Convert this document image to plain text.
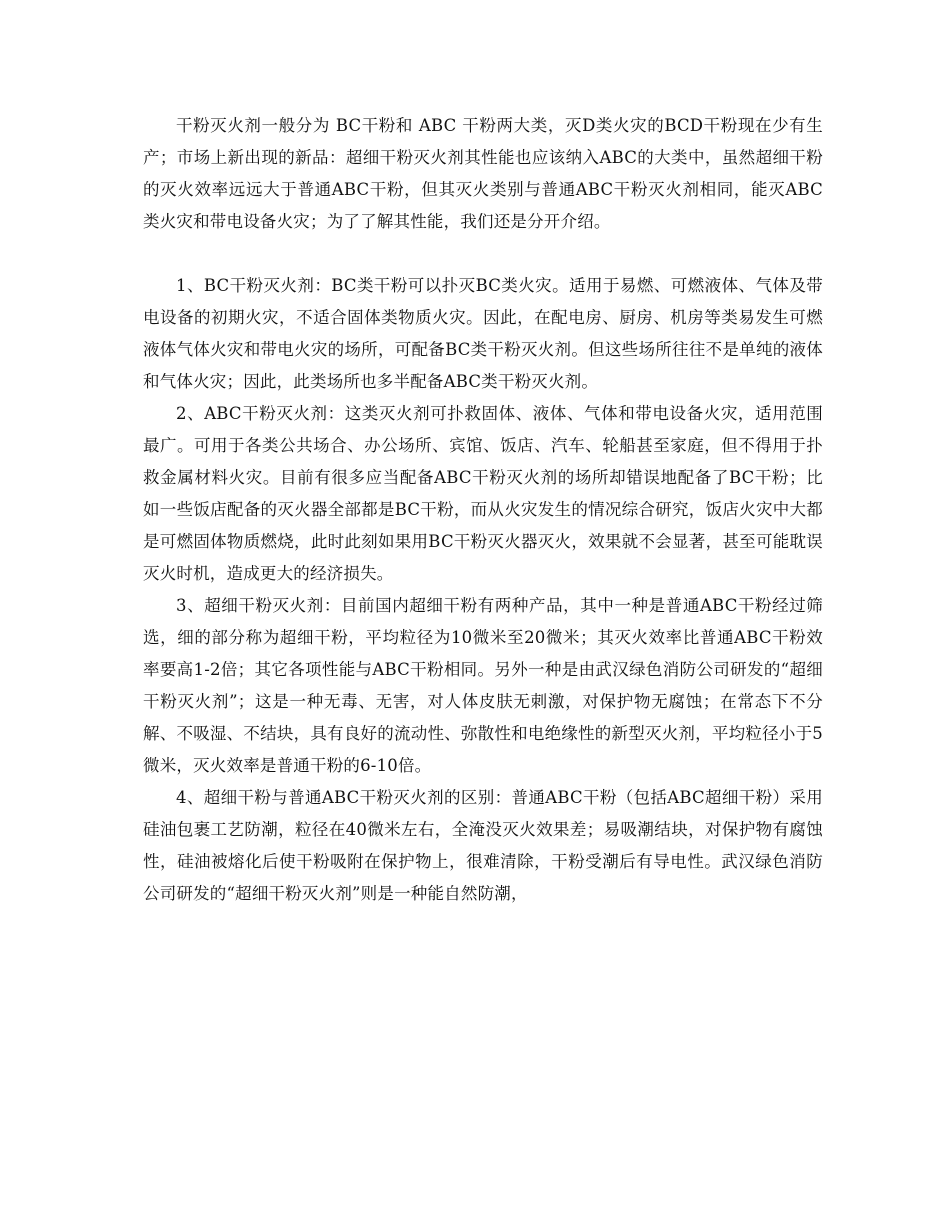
干粉灭火剂一般分为 BC干粉和 ABC 干粉两大类，灭D类火灾的BCD干粉现在少有生产；市场上新出现的新品：超细干粉灭火剂其性能也应该纳入ABC的大类中，虽然超细干粉的灭火效率远远大于普通ABC干粉，但其灭火类别与普通ABC干粉灭火剂相同，能灭ABC类火灾和带电设备火灾；为了了解其性能，我们还是分开介绍。

1、BC干粉灭火剂：BC类干粉可以扑灭BC类火灾。适用于易燃、可燃液体、气体及带电设备的初期火灾，不适合固体类物质火灾。因此，在配电房、厨房、机房等类易发生可燃液体气体火灾和带电火灾的场所，可配备BC类干粉灭火剂。但这些场所往往不是单纯的液体和气体火灾；因此，此类场所也多半配备ABC类干粉灭火剂。

2、ABC干粉灭火剂：这类灭火剂可扑救固体、液体、气体和带电设备火灾，适用范围最广。可用于各类公共场合、办公场所、宾馆、饭店、汽车、轮船甚至家庭，但不得用于扑救金属材料火灾。目前有很多应当配备ABC干粉灭火剂的场所却错误地配备了BC干粉；比如一些饭店配备的灭火器全部都是BC干粉，而从火灾发生的情况综合研究，饭店火灾中大都是可燃固体物质燃烧，此时此刻如果用BC干粉灭火器灭火，效果就不会显著，甚至可能耽误灭火时机，造成更大的经济损失。

3、超细干粉灭火剂：目前国内超细干粉有两种产品，其中一种是普通ABC干粉经过筛选，细的部分称为超细干粉，平均粒径为10微米至20微米；其灭火效率比普通ABC干粉效率要高1-2倍；其它各项性能与ABC干粉相同。另外一种是由武汉绿色消防公司研发的“超细干粉灭火剂”；这是一种无毒、无害，对人体皮肤无刺激，对保护物无腐蚀；在常态下不分解、不吸湿、不结块，具有良好的流动性、弥散性和电绝缘性的新型灭火剂，平均粒径小于5微米，灭火效率是普通干粉的6-10倍。

4、超细干粉与普通ABC干粉灭火剂的区别：普通ABC干粉（包括ABC超细干粉）采用硅油包裹工艺防潮，粒径在40微米左右，全淹没灭火效果差；易吸潮结块，对保护物有腐蚀性，硅油被熔化后使干粉吸附在保护物上，很难清除，干粉受潮后有导电性。武汉绿色消防公司研发的“超细干粉灭火剂”则是一种能自然防潮，
